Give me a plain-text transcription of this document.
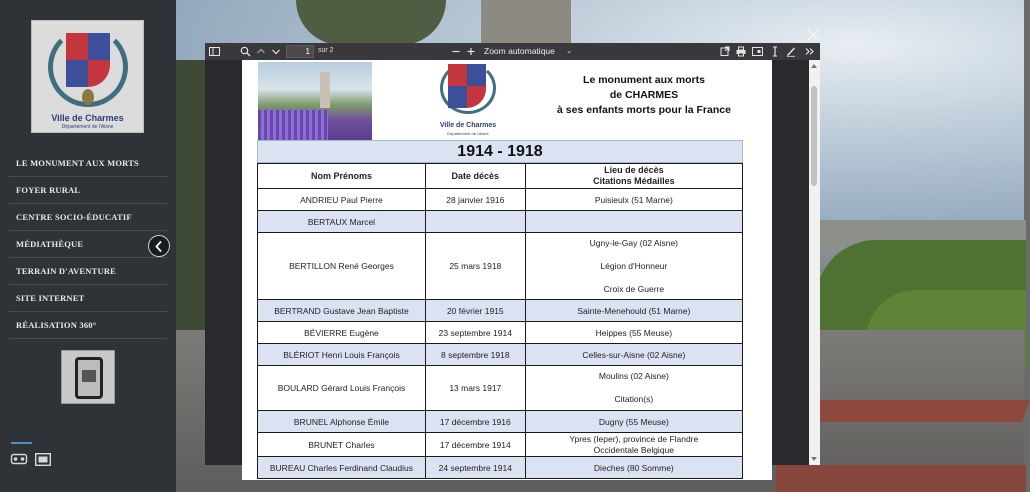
Ville de Charmes
Département de l'Aisne
LE MONUMENT AUX MORTS
FOYER RURAL
CENTRE SOCIO-ÉDUCATIF
MÉDIATHÈQUE
TERRAIN D'AVENTURE
SITE INTERNET
RÉALISATION 360°
1	sur 2	Zoom automatique ⌄
Ville de Charmes
Département de l'Aisne
Le monument aux morts
de CHARMES
à ses enfants morts pour la France
1914 - 1918
Nom Prénoms	Date décès	Lieu de décès
Citations Médailles

ANDRIEU Paul Pierre	28 janvier 1916	Puisieulx (51 Marne)
BERTAUX Marcel		
BERTILLON René Georges	25 mars 1918	Ugny-le-Gay (02 Aisne)
Légion d'Honneur
Croix de Guerre

BERTRAND Gustave Jean Baptiste	20 février 1915	Sainte-Menehould (51 Marne)
BÉVIERRE Eugène	23 septembre 1914	Heippes (55 Meuse)
BLÉRIOT Henri Louis François	8 septembre 1918	Celles-sur-Aisne (02 Aisne)
BOULARD Gérard Louis François	13 mars 1917	Moulins (02 Aisne)
Citation(s)

BRUNEL Alphonse Émile	17 décembre 1916	Dugny (55 Meuse)
BRUNET Charles	17 décembre 1914	Ypres (Ieper), province de Flandre
Occidentale Belgique

BUREAU Charles Ferdinand Claudius	24 septembre 1914	Dieches (80 Somme)
